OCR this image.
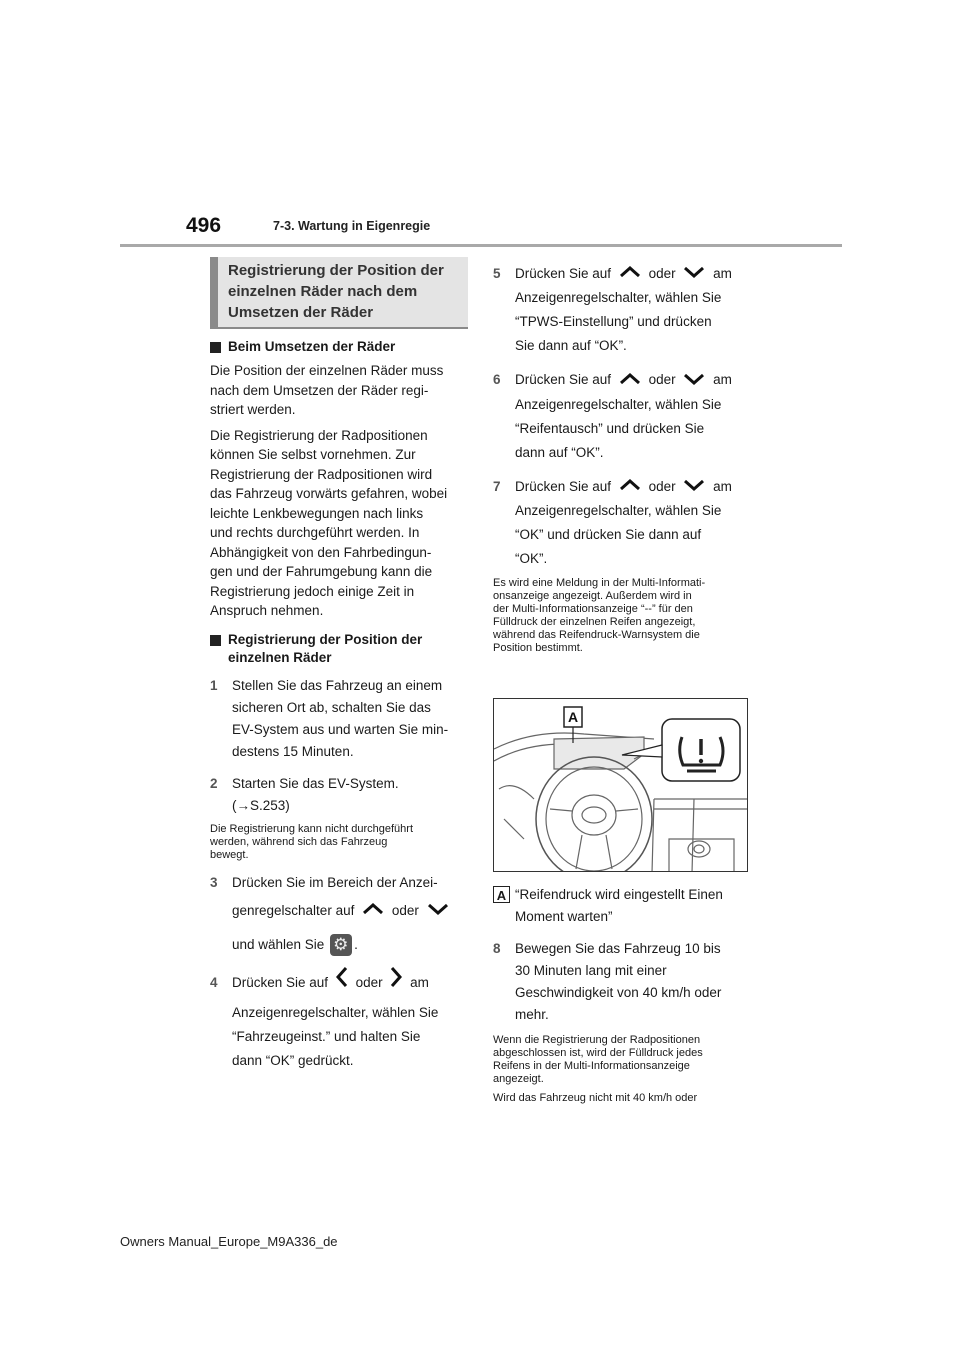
496	7-3. Wartung in Eigenregie
Registrierung der Position der
einzelnen Räder nach dem
Umsetzen der Räder
Beim Umsetzen der Räder
Die Position der einzelnen Räder muss
nach dem Umsetzen der Räder regi-
striert werden.
Die Registrierung der Radpositionen
können Sie selbst vornehmen. Zur
Registrierung der Radpositionen wird
das Fahrzeug vorwärts gefahren, wobei
leichte Lenkbewegungen nach links
und rechts durchgeführt werden. In
Abhängigkeit von den Fahrbedingun-
gen und der Fahrumgebung kann die
Registrierung jedoch einige Zeit in
Anspruch nehmen.
Registrierung der Position der
einzelnen Räder
1 Stellen Sie das Fahrzeug an einem
sicheren Ort ab, schalten Sie das
EV-System aus und warten Sie min-
destens 15 Minuten.
2 Starten Sie das EV-System.
(→S.253)
Die Registrierung kann nicht durchgeführt
werden, während sich das Fahrzeug
bewegt.
3 Drücken Sie im Bereich der Anzei-
genregelschalter auf	oder
und wählen Sie ⚙ .
4 Drücken Sie auf oder am
Anzeigenregelschalter, wählen Sie
“Fahrzeugeinst.” und halten Sie
dann “OK” gedrückt.
5 Drücken Sie auf	oder	am
Anzeigenregelschalter, wählen Sie
“TPWS-Einstellung” und drücken
Sie dann auf “OK”.
6 Drücken Sie auf	oder	am
Anzeigenregelschalter, wählen Sie
“Reifentausch” und drücken Sie
dann auf “OK”.
7 Drücken Sie auf	oder	am
Anzeigenregelschalter, wählen Sie
“OK” und drücken Sie dann auf
“OK”.
Es wird eine Meldung in der Multi-Informati-
onsanzeige angezeigt. Außerdem wird in
der Multi-Informationsanzeige “--” für den
Fülldruck der einzelnen Reifen angezeigt,
während das Reifendruck-Warnsystem die
Position bestimmt.
A
A “Reifendruck wird eingestellt Einen
Moment warten”
8 Bewegen Sie das Fahrzeug 10 bis
30 Minuten lang mit einer
Geschwindigkeit von 40 km/h oder
mehr.
Wenn die Registrierung der Radpositionen
abgeschlossen ist, wird der Fülldruck jedes
Reifens in der Multi-Informationsanzeige
angezeigt.
Wird das Fahrzeug nicht mit 40 km/h oder
Owners Manual_Europe_M9A336_de
